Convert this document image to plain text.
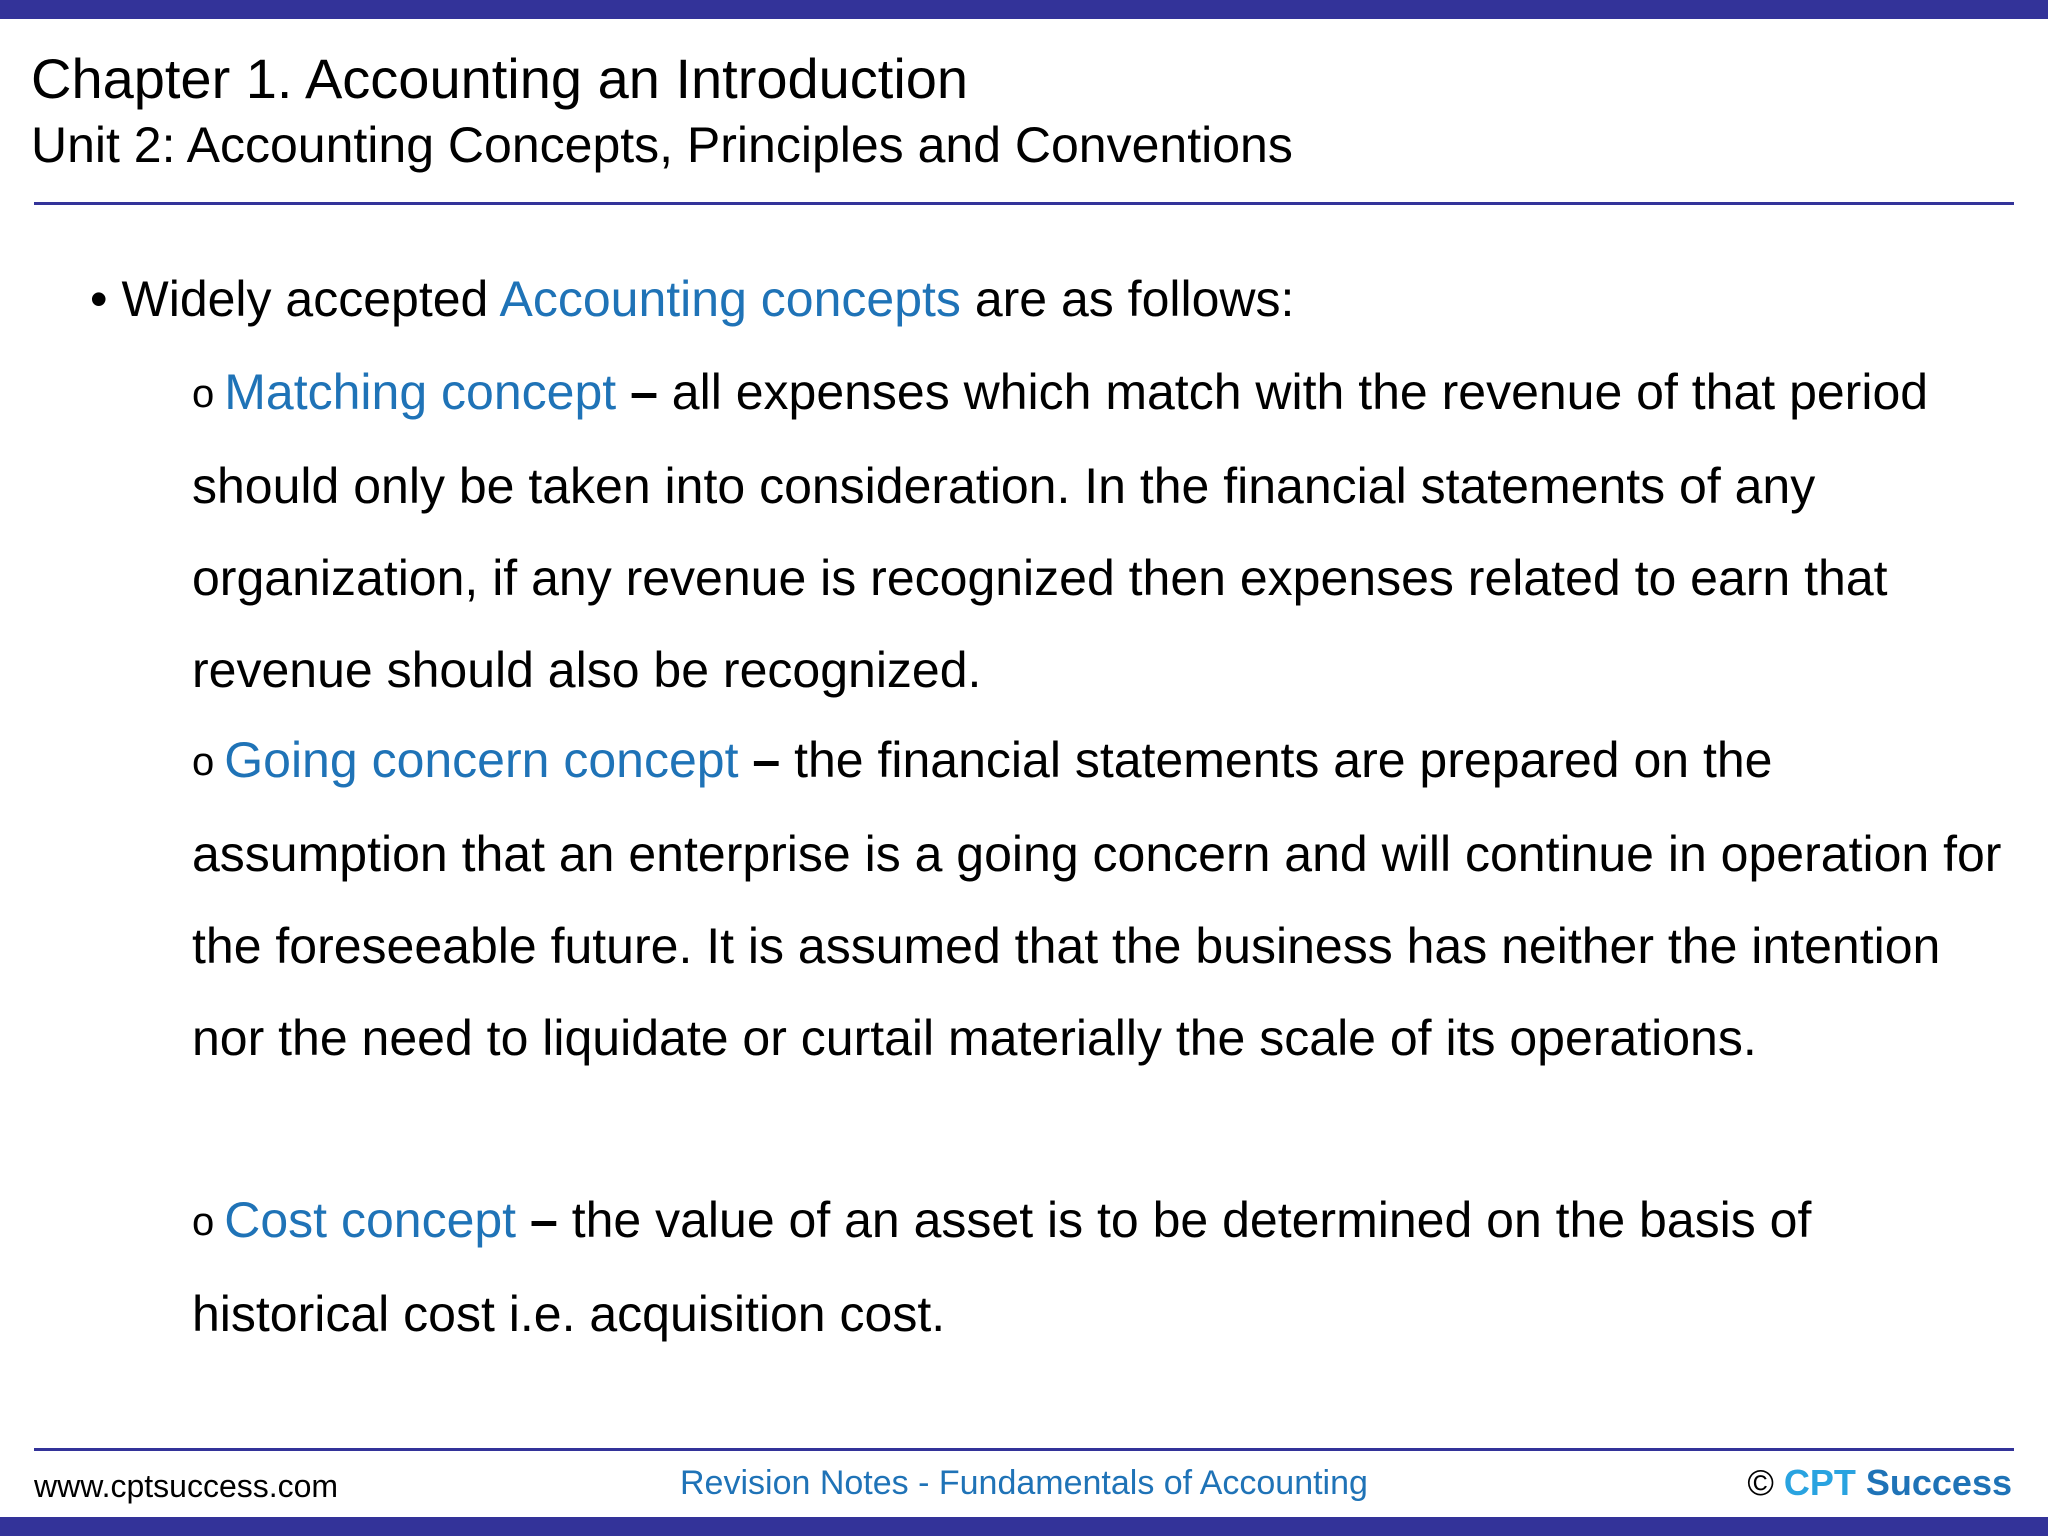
Chapter 1. Accounting an Introduction
Unit 2: Accounting Concepts, Principles and Conventions
• Widely accepted Accounting concepts are as follows:
o Matching concept – all expenses which match with the revenue of that period should only be taken into consideration. In the financial statements of any organization, if any revenue is recognized then expenses related to earn that revenue should also be recognized.
o Going concern concept – the financial statements are prepared on the assumption that an enterprise is a going concern and will continue in operation for the foreseeable future. It is assumed that the business has neither the intention nor the need to liquidate or curtail materially the scale of its operations.
o Cost concept – the value of an asset is to be determined on the basis of historical cost i.e. acquisition cost.
www.cptsuccess.com	Revision Notes - Fundamentals of Accounting	© CPT Success
